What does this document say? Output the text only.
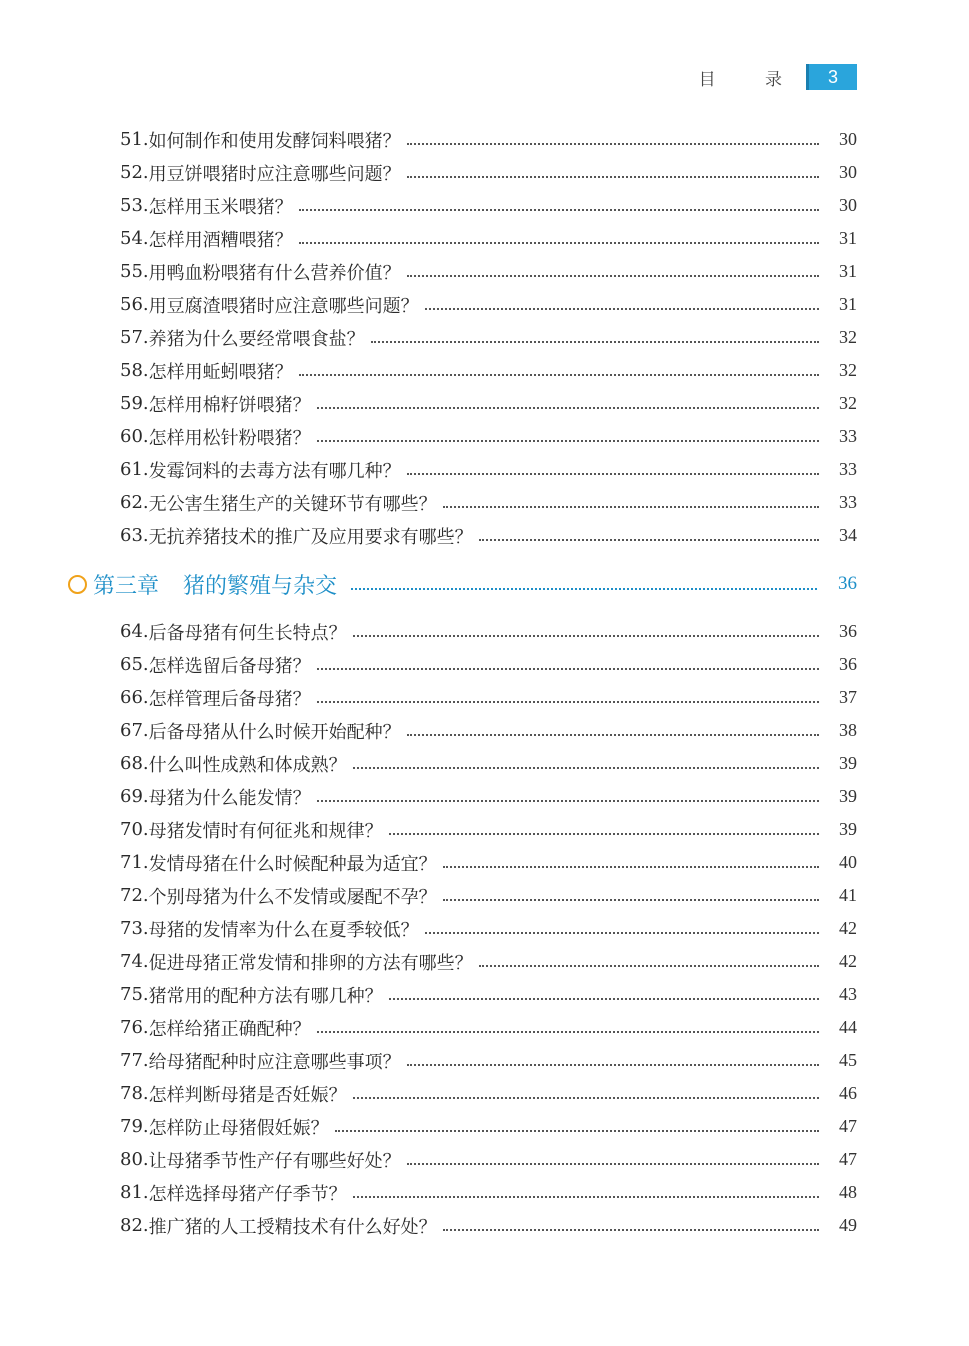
目 录	3
51. 如何制作和使用发酵饲料喂猪？	30
52. 用豆饼喂猪时应注意哪些问题？	30
53. 怎样用玉米喂猪？	30
54. 怎样用酒糟喂猪？	31
55. 用鸭血粉喂猪有什么营养价值？	31
56. 用豆腐渣喂猪时应注意哪些问题？	31
57. 养猪为什么要经常喂食盐？	32
58. 怎样用蚯蚓喂猪？	32
59. 怎样用棉籽饼喂猪？	32
60. 怎样用松针粉喂猪？	33
61. 发霉饲料的去毒方法有哪几种？	33
62. 无公害生猪生产的关键环节有哪些？	33
63. 无抗养猪技术的推广及应用要求有哪些？	34
第三章 猪的繁殖与杂交	36
64. 后备母猪有何生长特点？	36
65. 怎样选留后备母猪？	36
66. 怎样管理后备母猪？	37
67. 后备母猪从什么时候开始配种？	38
68. 什么叫性成熟和体成熟？	39
69. 母猪为什么能发情？	39
70. 母猪发情时有何征兆和规律？	39
71. 发情母猪在什么时候配种最为适宜？	40
72. 个别母猪为什么不发情或屡配不孕？	41
73. 母猪的发情率为什么在夏季较低？	42
74. 促进母猪正常发情和排卵的方法有哪些？	42
75. 猪常用的配种方法有哪几种？	43
76. 怎样给猪正确配种？	44
77. 给母猪配种时应注意哪些事项？	45
78. 怎样判断母猪是否妊娠？	46
79. 怎样防止母猪假妊娠？	47
80. 让母猪季节性产仔有哪些好处？	47
81. 怎样选择母猪产仔季节？	48
82. 推广猪的人工授精技术有什么好处？	49
